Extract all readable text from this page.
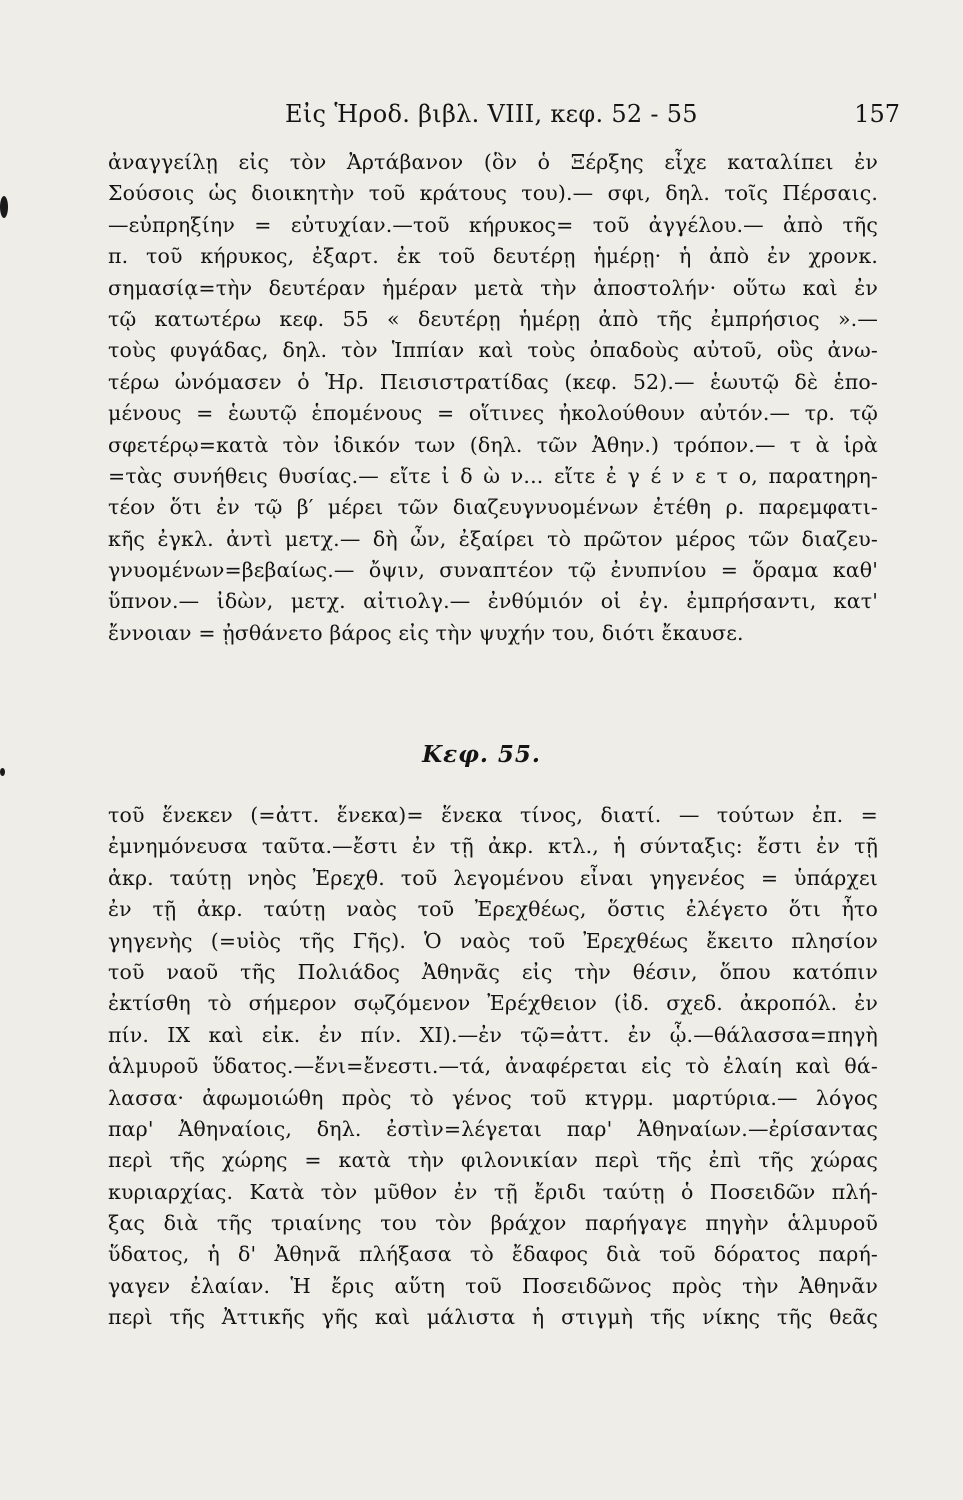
Εἰς Ἡροδ. βιβλ. VIII, κεφ. 52 - 55	157
ἀναγγείλῃ εἰς τὸν Ἀρτάβανον (ὃν ὁ Ξέρξης εἶχε καταλίπει ἐν
Σούσοις ὡς διοικητὴν τοῦ κράτους του).— σφι, δηλ. τοῖς Πέρσαις.
—εὐπρηξίην = εὐτυχίαν.—τοῦ κήρυκος= τοῦ ἀγγέλου.— ἀπὸ τῆς
π. τοῦ κήρυκος, ἐξαρτ. ἐκ τοῦ δευτέρῃ ἡμέρῃ· ἡ ἀπὸ ἐν χρονκ.
σημασίᾳ=τὴν δευτέραν ἡμέραν μετὰ τὴν ἀποστολήν· οὕτω καὶ ἐν
τῷ κατωτέρω κεφ. 55 « δευτέρῃ ἡμέρῃ ἀπὸ τῆς ἐμπρήσιος ».—
τοὺς φυγάδας, δηλ. τὸν Ἱππίαν καὶ τοὺς ὀπαδοὺς αὐτοῦ, οὓς ἀνω-
τέρω ὠνόμασεν ὁ Ἡρ. Πεισιστρατίδας (κεφ. 52).— ἑωυτῷ δὲ ἑπο-
μένους = ἑωυτῷ ἑπομένους = οἵτινες ἠκολούθουν αὐτόν.— τρ. τῷ
σφετέρῳ=κατὰ τὸν ἰδικόν των (δηλ. τῶν Ἀθην.) τρόπον.— τ ὰ ἱρὰ
=τὰς συνήθεις θυσίας.— εἴτε ἰ δ ὼ ν... εἴτε ἐ γ έ ν ε τ ο, παρατηρη-
τέον ὅτι ἐν τῷ β′ μέρει τῶν διαζευγνυομένων ἐτέθη ρ. παρεμφατι-
κῆς ἐγκλ. ἀντὶ μετχ.— δὴ ὦν, ἐξαίρει τὸ πρῶτον μέρος τῶν διαζευ-
γνυομένων=βεβαίως.— ὄψιν, συναπτέον τῷ ἐνυπνίου = ὅραμα καθ'
ὕπνον.— ἰδὼν, μετχ. αἰτιολγ.— ἐνθύμιόν οἱ ἐγ. ἐμπρήσαντι, κατ'
ἔννοιαν = ᾐσθάνετο βάρος εἰς τὴν ψυχήν του, διότι ἔκαυσε.
Κεφ. 55.
τοῦ ἕνεκεν (=ἀττ. ἕνεκα)= ἕνεκα τίνος, διατί. — τούτων ἐπ. =
ἐμνημόνευσα ταῦτα.—ἔστι ἐν τῇ ἀκρ. κτλ., ἡ σύνταξις: ἔστι ἐν τῇ
ἀκρ. ταύτῃ νηὸς Ἐρεχθ. τοῦ λεγομένου εἶναι γηγενέος = ὑπάρχει
ἐν τῇ ἀκρ. ταύτῃ ναὸς τοῦ Ἐρεχθέως, ὅστις ἐλέγετο ὅτι ἦτο
γηγενὴς (=υἱὸς τῆς Γῆς). Ὁ ναὸς τοῦ Ἐρεχθέως ἔκειτο πλησίον
τοῦ ναοῦ τῆς Πολιάδος Ἀθηνᾶς εἰς τὴν θέσιν, ὅπου κατόπιν
ἐκτίσθη τὸ σήμερον σῳζόμενον Ἐρέχθειον (ἰδ. σχεδ. ἀκροπόλ. ἐν
πίν. IX καὶ εἰκ. ἐν πίν. XI).—ἐν τῷ=ἀττ. ἐν ᾧ.—θάλασσα=πηγὴ
ἁλμυροῦ ὕδατος.—ἔνι=ἔνεστι.—τά, ἀναφέρεται εἰς τὸ ἐλαίη καὶ θά-
λασσα· ἀφωμοιώθη πρὸς τὸ γένος τοῦ κτγρμ. μαρτύρια.— λόγος
παρ' Ἀθηναίοις, δηλ. ἐστὶν=λέγεται παρ' Ἀθηναίων.—ἐρίσαντας
περὶ τῆς χώρης = κατὰ τὴν φιλονικίαν περὶ τῆς ἐπὶ τῆς χώρας
κυριαρχίας. Κατὰ τὸν μῦθον ἐν τῇ ἔριδι ταύτῃ ὁ Ποσειδῶν πλή-
ξας διὰ τῆς τριαίνης του τὸν βράχον παρήγαγε πηγὴν ἁλμυροῦ
ὕδατος, ἡ δ' Ἀθηνᾶ πλήξασα τὸ ἔδαφος διὰ τοῦ δόρατος παρή-
γαγεν ἐλαίαν. Ἡ ἔρις αὕτη τοῦ Ποσειδῶνος πρὸς τὴν Ἀθηνᾶν
περὶ τῆς Ἀττικῆς γῆς καὶ μάλιστα ἡ στιγμὴ τῆς νίκης τῆς θεᾶς
